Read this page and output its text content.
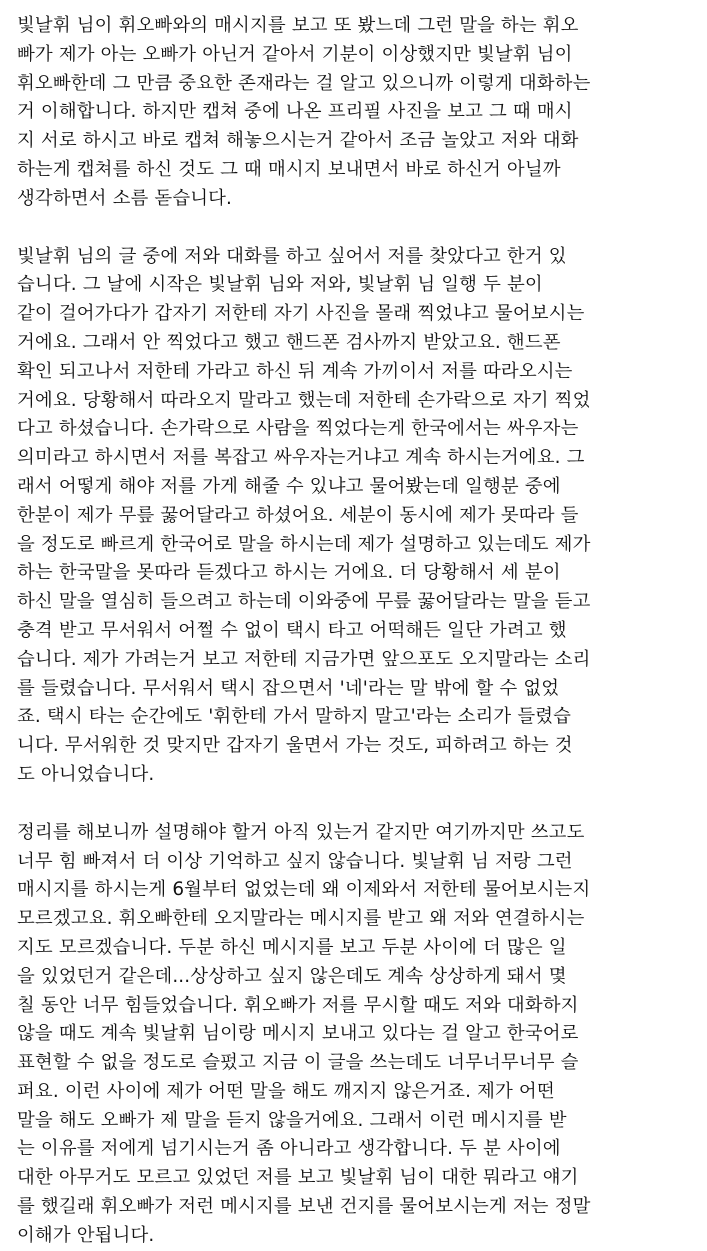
빛날휘 님이 휘오빠와의 매시지를 보고 또 봤느데 그런 말을 하는 휘오
빠가 제가 아는 오빠가 아닌거 같아서 기분이 이상했지만 빛날휘 님이
휘오빠한데 그 만큼 중요한 존재라는 걸 알고 있으니까 이렇게 대화하는
거 이해합니다. 하지만 캡쳐 중에 나온 프리필 사진을 보고 그 때 매시
지 서로 하시고 바로 캡쳐 해놓으시는거 같아서 조금 놀았고 저와 대화
하는게 캡쳐를 하신 것도 그 때 매시지 보내면서 바로 하신거 아닐까
생각하면서 소름 돋습니다.
빛날휘 님의 글 중에 저와 대화를 하고 싶어서 저를 찾았다고 한거 있
습니다. 그 날에 시작은 빛날휘 님와 저와, 빛날휘 님 일행 두 분이
같이 걸어가다가 갑자기 저한테 자기 사진을 몰래 찍었냐고 물어보시는
거에요. 그래서 안 찍었다고 했고 핸드폰 검사까지 받았고요. 핸드폰
확인 되고나서 저한테 가라고 하신 뒤 계속 가끼이서 저를 따라오시는
거에요. 당황해서 따라오지 말라고 했는데 저한테 손가락으로 자기 찍었
다고 하셨습니다. 손가락으로 사람을 찍었다는게 한국에서는 싸우자는
의미라고 하시면서 저를 복잡고 싸우자는거냐고 계속 하시는거에요. 그
래서 어떻게 해야 저를 가게 해줄 수 있냐고 물어봤는데 일행분 중에
한분이 제가 무릎 꿇어달라고 하셨어요. 세분이 동시에 제가 못따라 들
을 정도로 빠르게 한국어로 말을 하시는데 제가 설명하고 있는데도 제가
하는 한국말을 못따라 듣겠다고 하시는 거에요. 더 당황해서 세 분이
하신 말을 열심히 들으려고 하는데 이와중에 무릎 꿇어달라는 말을 듣고
충격 받고 무서워서 어쩔 수 없이 택시 타고 어떡해든 일단 가려고 했
습니다. 제가 가려는거 보고 저한테 지금가면 앞으포도 오지말라는 소리
를 들렸습니다. 무서워서 택시 잡으면서 '네'라는 말 밖에 할 수 없었
죠. 택시 타는 순간에도 '휘한테 가서 말하지 말고'라는 소리가 들렸습
니다. 무서워한 것 맞지만 갑자기 울면서 가는 것도, 피하려고 하는 것
도 아니었습니다.
정리를 해보니까 설명해야 할거 아직 있는거 같지만 여기까지만 쓰고도
너무 힘 빠져서 더 이상 기억하고 싶지 않습니다. 빛날휘 님 저랑 그런
매시지를 하시는게 6월부터 없었는데 왜 이제와서 저한테 물어보시는지
모르겠고요. 휘오빠한테 오지말라는 메시지를 받고 왜 저와 연결하시는
지도 모르겠습니다. 두분 하신 메시지를 보고 두분 사이에 더 많은 일
을 있었던거 같은데...상상하고 싶지 않은데도 계속 상상하게 돼서 몇
칠 동안 너무 힘들었습니다. 휘오빠가 저를 무시할 때도 저와 대화하지
않을 때도 계속 빛날휘 님이랑 메시지 보내고 있다는 걸 알고 한국어로
표현할 수 없을 정도로 슬펐고 지금 이 글을 쓰는데도 너무너무너무 슬
퍼요. 이런 사이에 제가 어떤 말을 해도 깨지지 않은거죠. 제가 어떤
말을 해도 오빠가 제 말을 듣지 않을거에요. 그래서 이런 메시지를 받
는 이유를 저에게 넘기시는거 좀 아니라고 생각합니다. 두 분 사이에
대한 아무거도 모르고 있었던 저를 보고 빛날휘 님이 대한 뭐라고 얘기
를 했길래 휘오빠가 저런 메시지를 보낸 건지를 물어보시는게 저는 정말
이해가 안됩니다.
